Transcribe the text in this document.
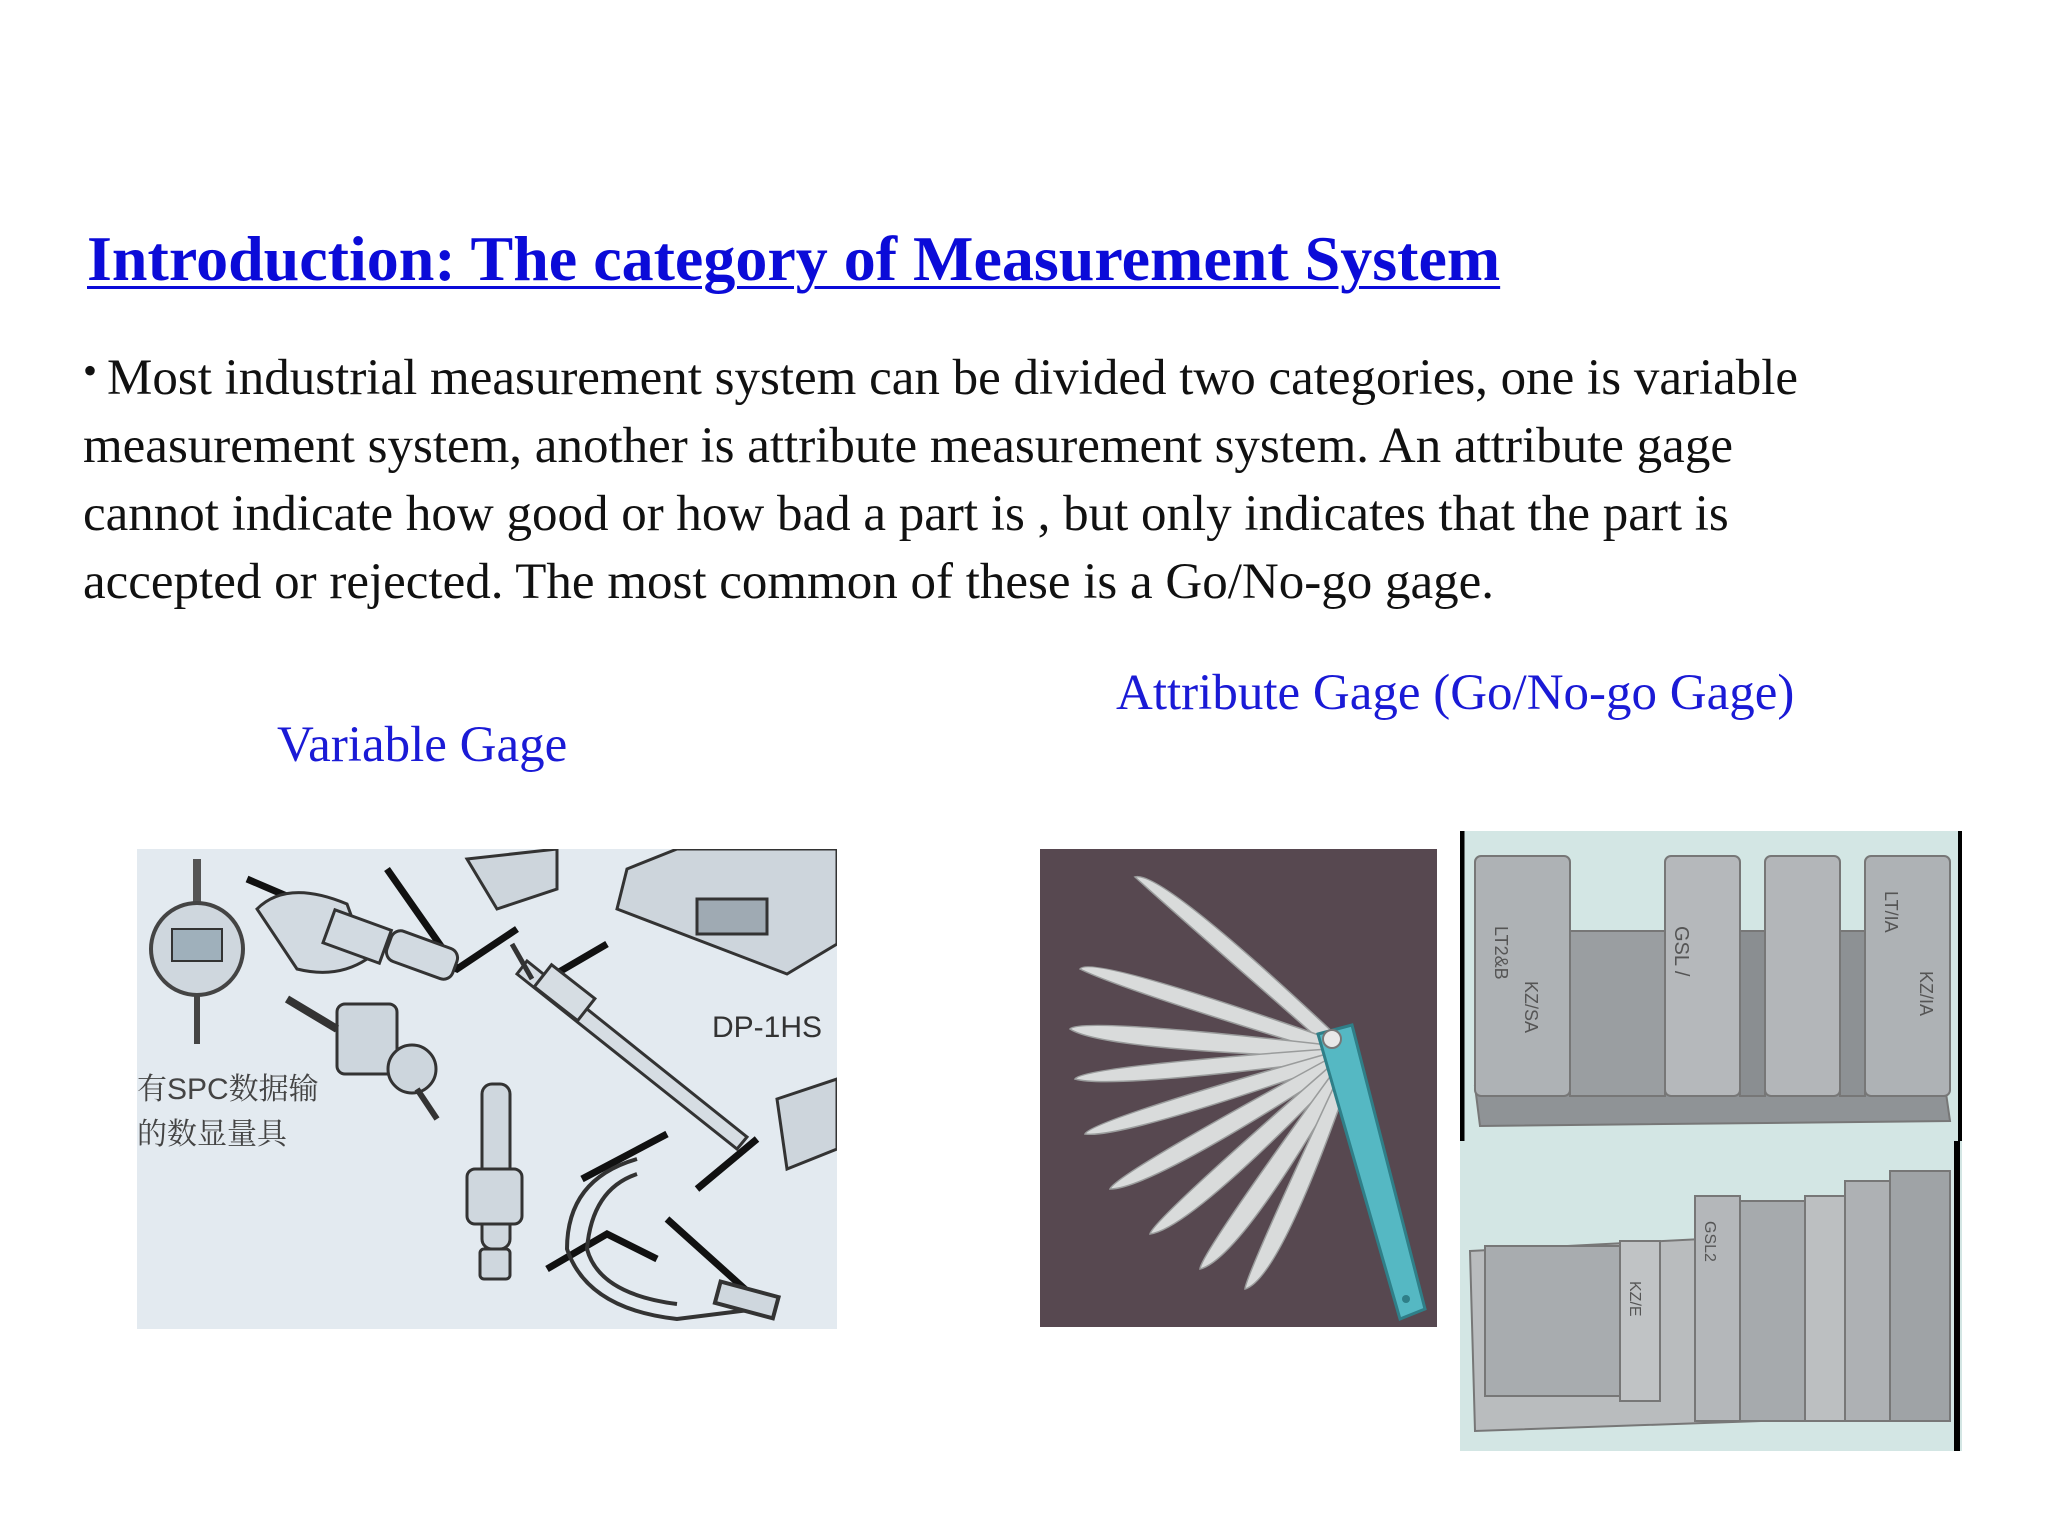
Introduction: The category of Measurement System
• Most industrial measurement system can be divided two categories, one is variable
measurement system, another is attribute measurement system. An attribute gage
cannot indicate how good or how bad a part is , but only indicates that the part is
accepted or rejected. The most common of these is a Go/No-go gage.
Variable Gage
Attribute Gage (Go/No-go Gage)
DP-1HS
有SPC数据输
的数显量具
LT2&B
KZ/SA
GSL /
LT/IA
KZ/IA
GSL2
KZ/E
